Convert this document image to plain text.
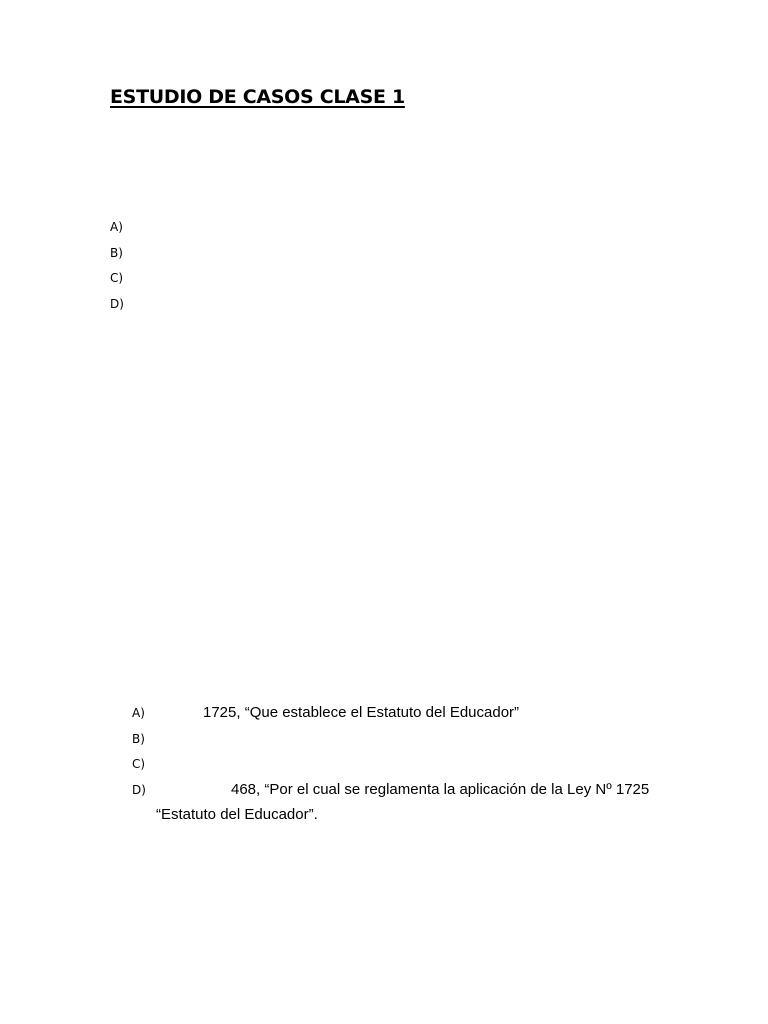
ESTUDIO DE CASOS CLASE 1
A)
B)
C)
D)
A)	1725, “Que establece el Estatuto del Educador”
B)
C)
D)	468, “Por el cual se reglamenta la aplicación de la Ley Nº 1725

“Estatuto del Educador”.
